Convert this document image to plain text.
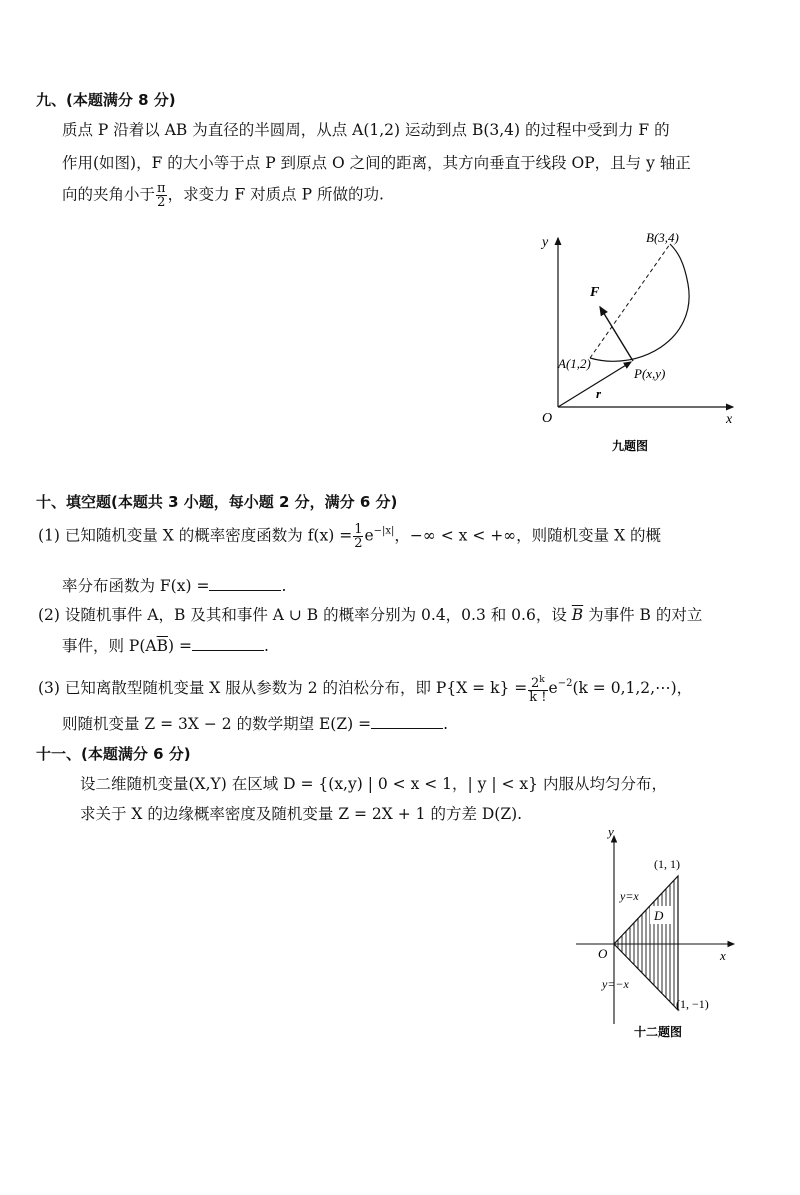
九、(本题满分 8 分)
质点 P 沿着以 AB 为直径的半圆周，从点 A(1,2) 运动到点 B(3,4) 的过程中受到力 F 的
作用(如图)，F 的大小等于点 P 到原点 O 之间的距离，其方向垂直于线段 OP，且与 y 轴正
向的夹角小于 $\frac{\pi}{2}$ ，求变力 F 对质点 P 所做的功.
y
x
O
B(3,4)
A(1,2)
P(x,y)
F
r
九题图
十、填空题(本题共 3 小题，每小题 2 分，满分 6 分)
(1) 已知随机变量 X 的概率密度函数为 $f(x) = \frac{1}{2} e^{-|x|}$，−∞ < x < +∞，则随机变量 X 的概
率分布函数为 F(x) =	.
(2) 设随机事件 A，B 及其和事件 A ∪ B 的概率分别为 0.4，0.3 和 0.6，设 $\overline{B}$ 为事件 B 的对立
事件，则 $P(A\overline{B})$ =	.
(3) 已知离散型随机变量 X 服从参数为 2 的泊松分布，即 $P\{X = k\} = \frac{2^k}{k !} e^{-2}(k$ = 0,1,2,⋯)，
则随机变量 Z = 3X − 2 的数学期望 E(Z) =	.
十一、(本题满分 6 分)
设二维随机变量(X,Y) 在区域 D = {(x,y) | 0 < x < 1，| y | < x} 内服从均匀分布，
求关于 X 的边缘概率密度及随机变量 Z = 2X + 1 的方差 D(Z).
y
x
O
(1, 1)
(1, −1)
y=x
y=−x
D
十二题图
